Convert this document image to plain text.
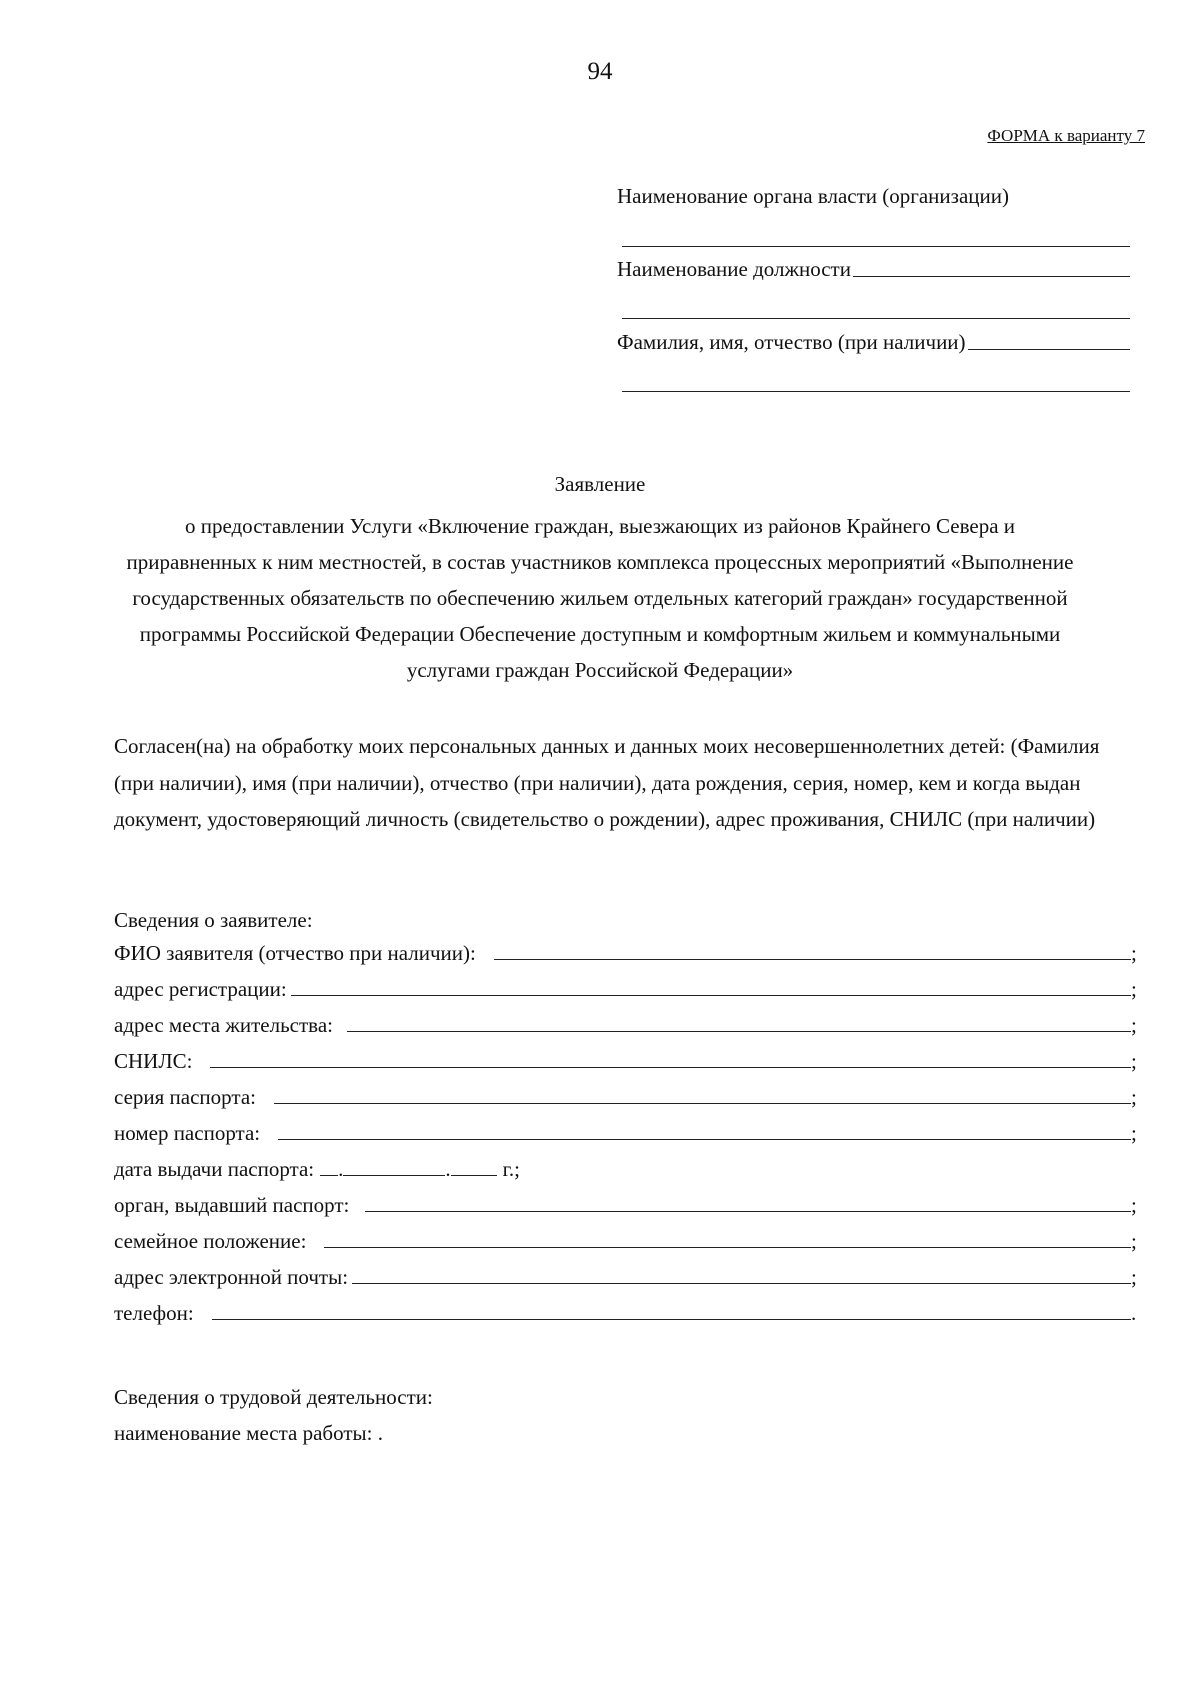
94
ФОРМА к варианту 7
Наименование органа власти (организации)
Наименование должности
Фамилия, имя, отчество (при наличии)
Заявление

о предоставлении Услуги «Включение граждан, выезжающих из районов Крайнего Севера и приравненных к ним местностей, в состав участников комплекса процессных мероприятий «Выполнение государственных обязательств по обеспечению жильем отдельных категорий граждан» государственной программы Российской Федерации Обеспечение доступным и комфортным жильем и коммунальными услугами граждан Российской Федерации»

Согласен(на) на обработку моих персональных данных и данных моих несовершеннолетних детей: (Фамилия (при наличии), имя (при наличии), отчество (при наличии), дата рождения, серия, номер, кем и когда выдан документ, удостоверяющий личность (свидетельство о рождении), адрес проживания, СНИЛС (при наличии)

Сведения о заявителе:
ФИО заявителя (отчество при наличии):	;
адрес регистрации:	;
адрес места жительства:	;
СНИЛС:	;
серия паспорта:	;
номер паспорта:	;
дата выдачи паспорта: .	. г.;
орган, выдавший паспорт:	;
семейное положение:	;
адрес электронной почты:	;
телефон:	.
Сведения о трудовой деятельности:
наименование места работы: .
